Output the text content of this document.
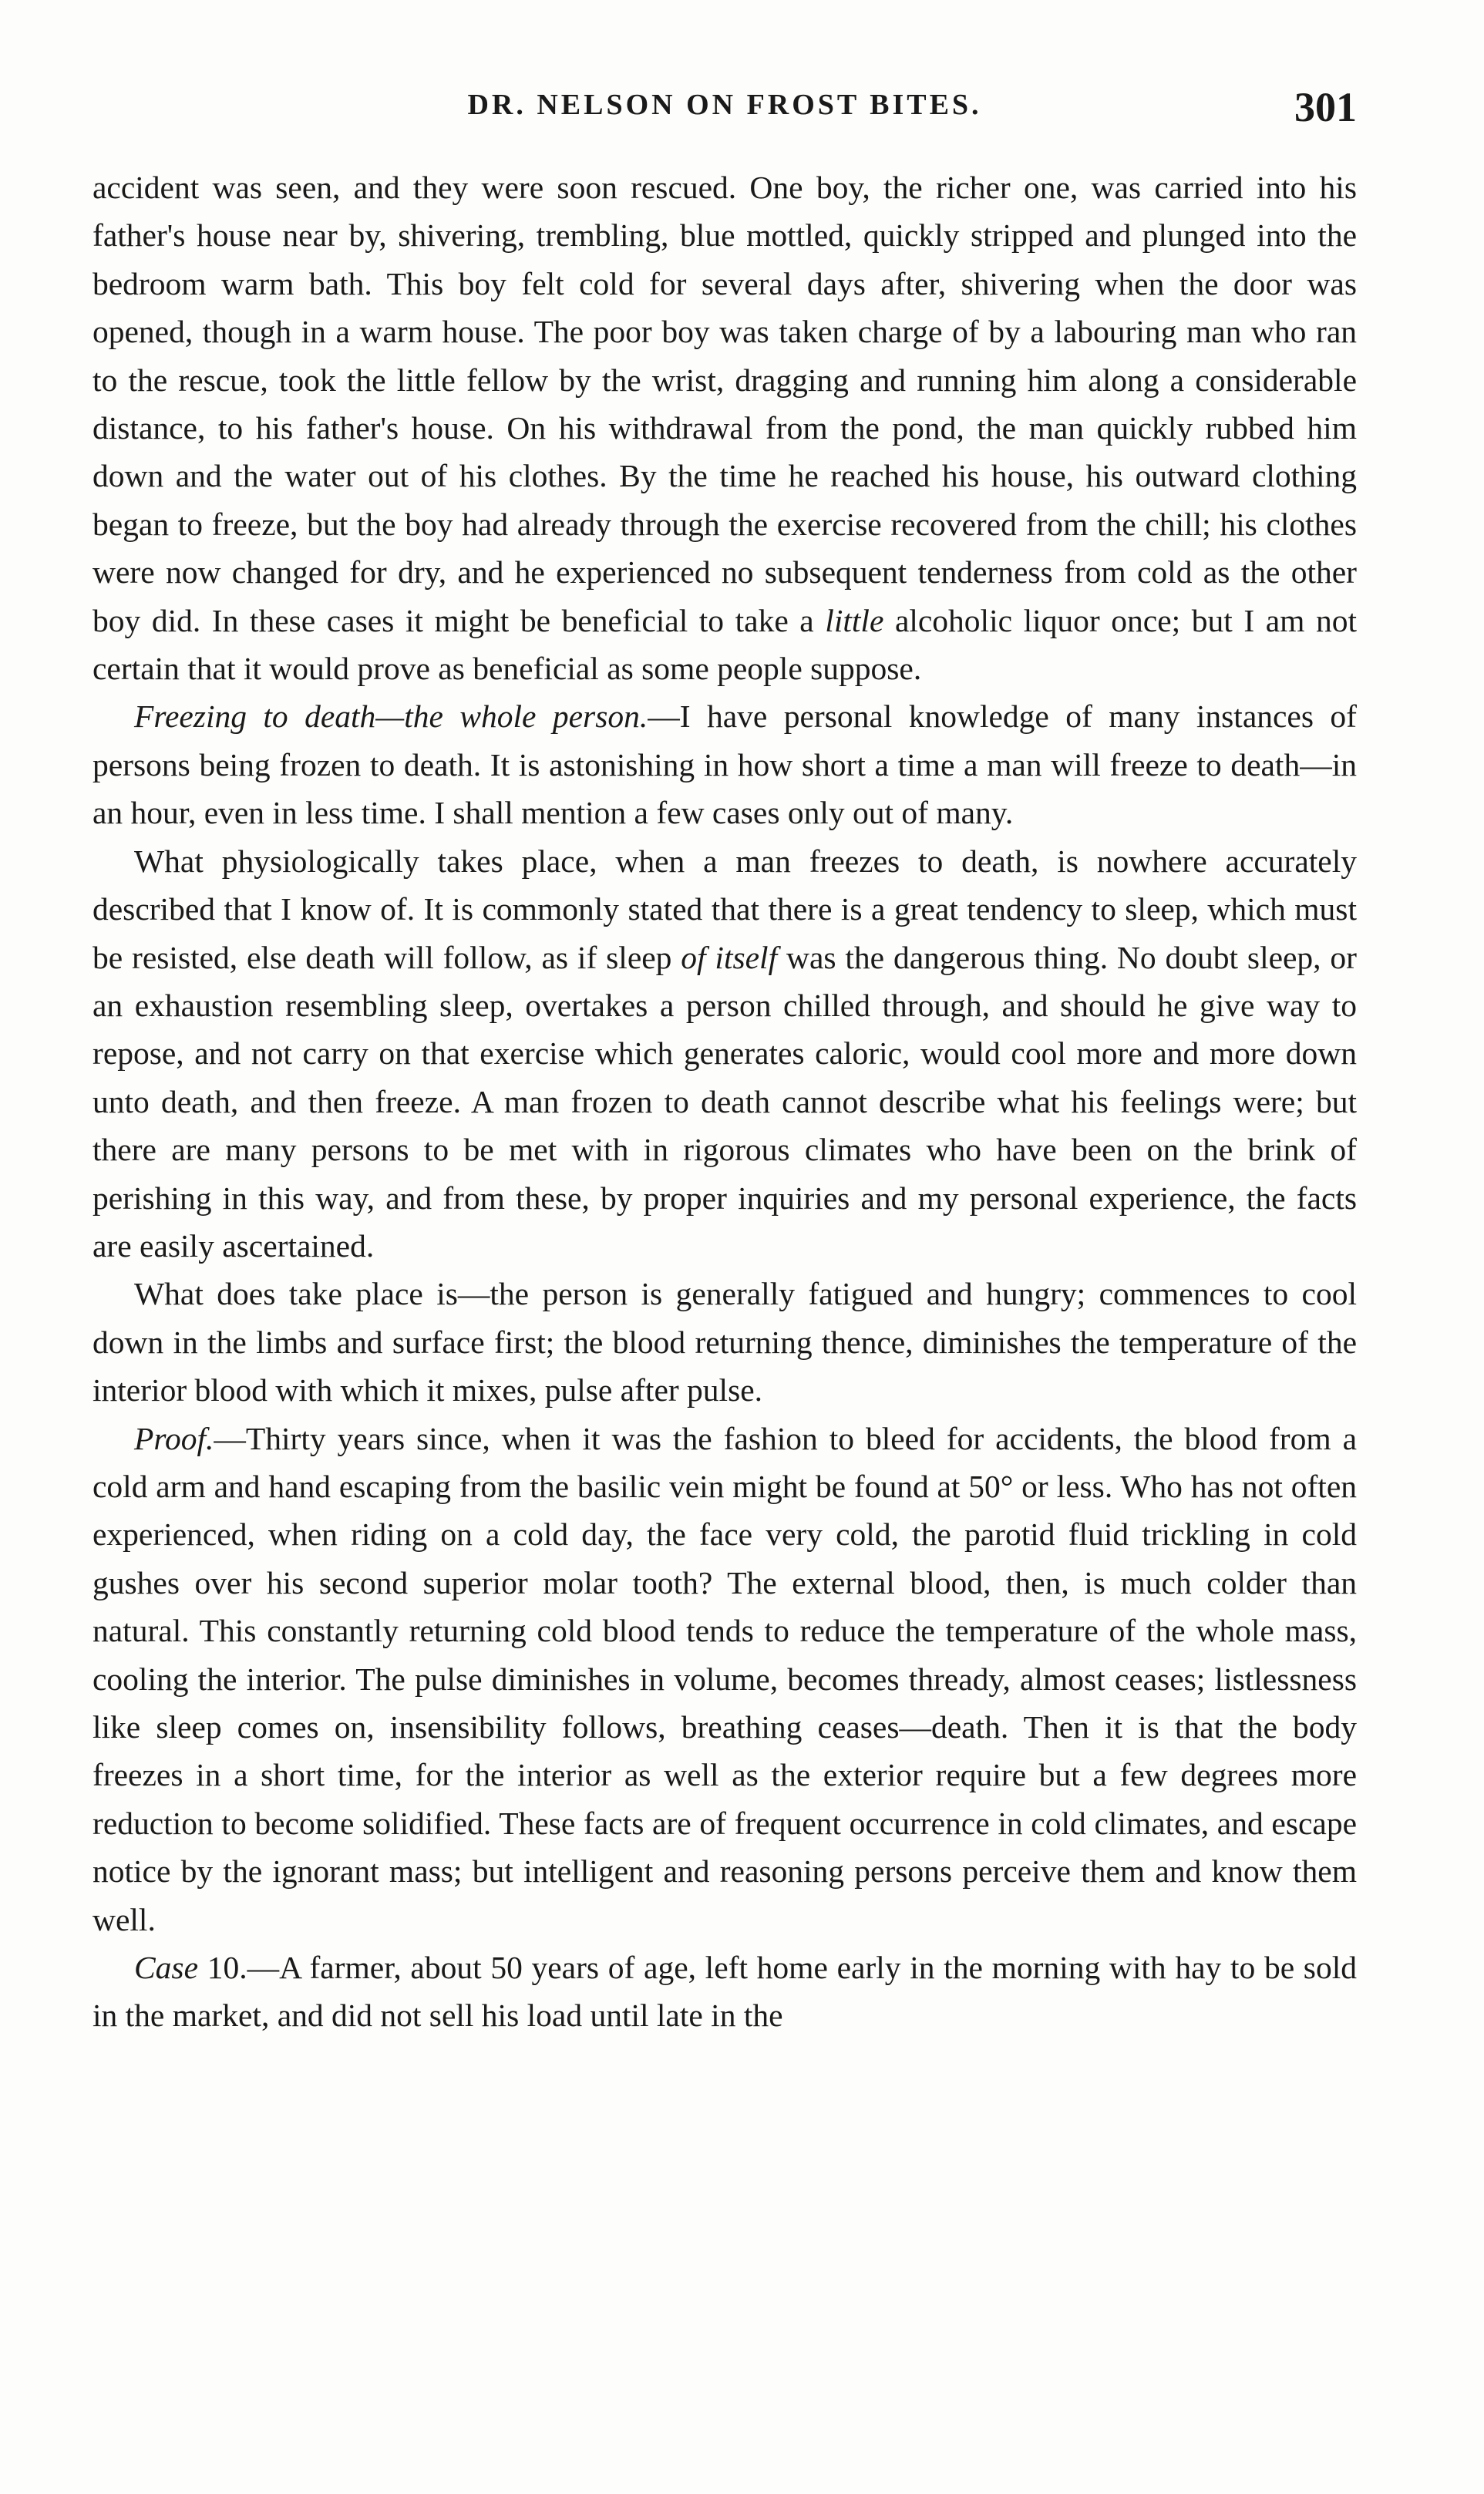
DR. NELSON ON FROST BITES.	301

accident was seen, and they were soon rescued. One boy, the richer one, was carried into his father's house near by, shivering, trembling, blue mottled, quickly stripped and plunged into the bedroom warm bath. This boy felt cold for several days after, shivering when the door was opened, though in a warm house. The poor boy was taken charge of by a labouring man who ran to the rescue, took the little fellow by the wrist, dragging and running him along a considerable distance, to his father's house. On his withdrawal from the pond, the man quickly rubbed him down and the water out of his clothes. By the time he reached his house, his outward clothing began to freeze, but the boy had already through the exercise recovered from the chill; his clothes were now changed for dry, and he experienced no subsequent tenderness from cold as the other boy did. In these cases it might be beneficial to take a little alcoholic liquor once; but I am not certain that it would prove as beneficial as some people suppose.

Freezing to death—the whole person.—I have personal knowledge of many instances of persons being frozen to death. It is astonishing in how short a time a man will freeze to death—in an hour, even in less time. I shall mention a few cases only out of many.

What physiologically takes place, when a man freezes to death, is nowhere accurately described that I know of. It is commonly stated that there is a great tendency to sleep, which must be resisted, else death will follow, as if sleep of itself was the dangerous thing. No doubt sleep, or an exhaustion resembling sleep, overtakes a person chilled through, and should he give way to repose, and not carry on that exercise which generates caloric, would cool more and more down unto death, and then freeze. A man frozen to death cannot describe what his feelings were; but there are many persons to be met with in rigorous climates who have been on the brink of perishing in this way, and from these, by proper inquiries and my personal experience, the facts are easily ascertained.

What does take place is—the person is generally fatigued and hungry; commences to cool down in the limbs and surface first; the blood returning thence, diminishes the temperature of the interior blood with which it mixes, pulse after pulse.

Proof.—Thirty years since, when it was the fashion to bleed for accidents, the blood from a cold arm and hand escaping from the basilic vein might be found at 50° or less. Who has not often experienced, when riding on a cold day, the face very cold, the parotid fluid trickling in cold gushes over his second superior molar tooth? The external blood, then, is much colder than natural. This constantly returning cold blood tends to reduce the temperature of the whole mass, cooling the interior. The pulse diminishes in volume, becomes thready, almost ceases; listlessness like sleep comes on, insensibility follows, breathing ceases—death. Then it is that the body freezes in a short time, for the interior as well as the exterior require but a few degrees more reduction to become solidified. These facts are of frequent occurrence in cold climates, and escape notice by the ignorant mass; but intelligent and reasoning persons perceive them and know them well.

Case 10.—A farmer, about 50 years of age, left home early in the morning with hay to be sold in the market, and did not sell his load until late in the
